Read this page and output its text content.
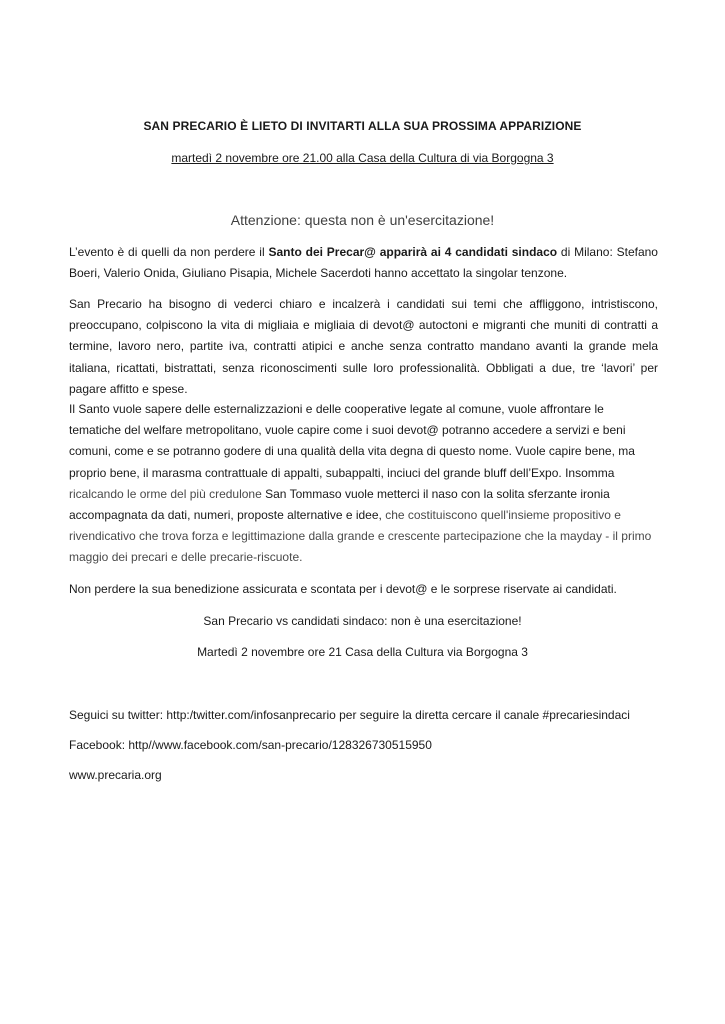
SAN PRECARIO È LIETO DI INVITARTI ALLA SUA PROSSIMA APPARIZIONE
martedì 2 novembre ore 21.00 alla Casa della Cultura di via Borgogna 3
Attenzione: questa non è un'esercitazione!
L’evento è di quelli da non perdere il Santo dei Precar@ apparirà ai 4 candidati sindaco di Milano: Stefano Boeri, Valerio Onida, Giuliano Pisapia, Michele Sacerdoti hanno accettato la singolar tenzone.
San Precario ha bisogno di vederci chiaro e incalzerà i candidati sui temi che affliggono, intristiscono, preoccupano, colpiscono la vita di migliaia e migliaia di devot@ autoctoni e migranti che muniti di contratti a termine, lavoro nero, partite iva, contratti atipici e anche senza contratto mandano avanti la grande mela italiana, ricattati, bistrattati, senza riconoscimenti sulle loro professionalità. Obbligati a due, tre ‘lavori’ per pagare affitto e spese.
Il Santo vuole sapere delle esternalizzazioni e delle cooperative legate al comune, vuole affrontare le tematiche del welfare metropolitano, vuole capire come i suoi devot@ potranno accedere a servizi e beni comuni, come e se potranno godere di una qualità della vita degna di questo nome. Vuole capire bene, ma proprio bene, il marasma contrattuale di appalti, subappalti, inciuci del grande bluff dell’Expo. Insomma ricalcando le orme del più credulone San Tommaso vuole metterci il naso con la solita sferzante ironia accompagnata da dati, numeri, proposte alternative e idee, che costituiscono quell'insieme propositivo e rivendicativo che trova forza e legittimazione dalla grande e crescente partecipazione che la mayday - il primo maggio dei precari e delle precarie-riscuote.
Non perdere la sua benedizione assicurata e scontata per i devot@ e le sorprese riservate ai candidati.
San Precario vs candidati sindaco: non è una esercitazione!
Martedì 2 novembre ore 21 Casa della Cultura via Borgogna 3
Seguici su twitter: http:/twitter.com/infosanprecario per seguire la diretta cercare il canale #precariesindaci
Facebook: http//www.facebook.com/san-precario/128326730515950
www.precaria.org
